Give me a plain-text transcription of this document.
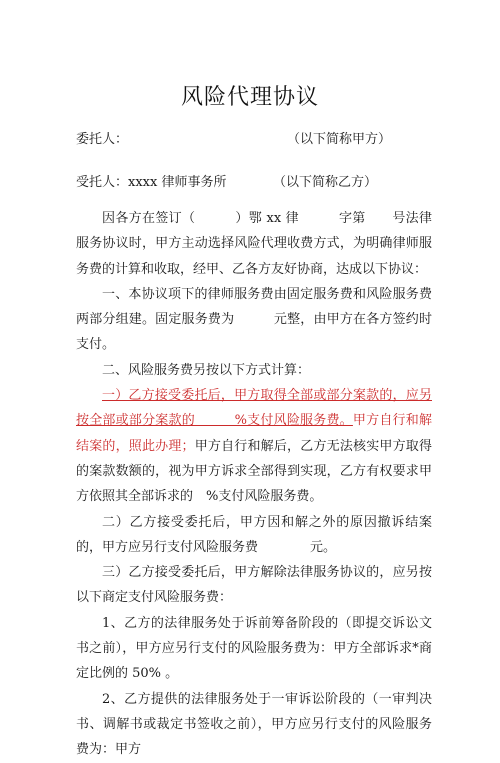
风险代理协议
委托人：	（以下简称甲方）
受托人：xxxx 律师事务所	（以下简称乙方）

因各方在签订（　　　）鄂 xx 律　　　字第　　号法律服务协议时，甲方主动选择风险代理收费方式，为明确律师服务费的计算和收取，经甲、乙各方友好协商，达成以下协议：

一、本协议项下的律师服务费由固定服务费和风险服务费两部分组建。固定服务费为　　　元整，由甲方在各方签约时支付。

二、风险服务费另按以下方式计算：

一）乙方接受委托后，甲方取得全部或部分案款的，应另按全部或部分案款的　　　%支付风险服务费。甲方自行和解结案的，照此办理；甲方自行和解后，乙方无法核实甲方取得的案款数额的，视为甲方诉求全部得到实现，乙方有权要求甲方依照其全部诉求的　%支付风险服务费。

二）乙方接受委托后，甲方因和解之外的原因撤诉结案的，甲方应另行支付风险服务费　　　　元。

三）乙方接受委托后，甲方解除法律服务协议的，应另按以下商定支付风险服务费：

1、乙方的法律服务处于诉前筹备阶段的（即提交诉讼文书之前），甲方应另行支付的风险服务费为：甲方全部诉求*商定比例的 50% 。

2、乙方提供的法律服务处于一审诉讼阶段的（一审判决书、调解书或裁定书签收之前），甲方应另行支付的风险服务费为：甲方
